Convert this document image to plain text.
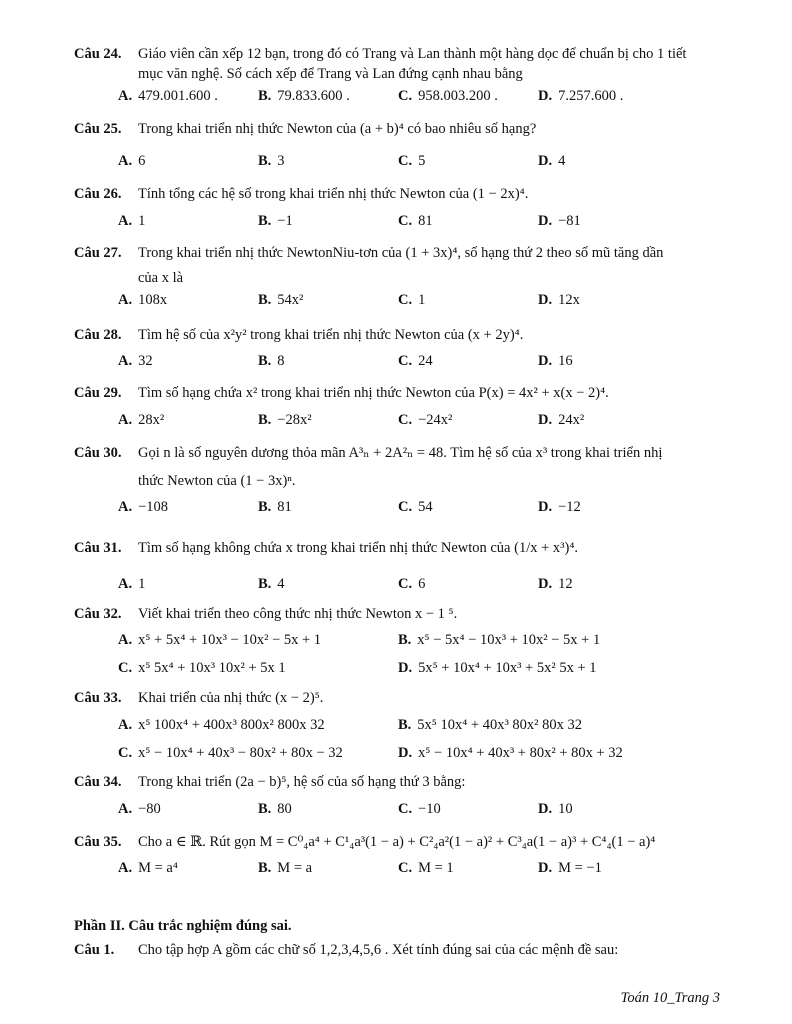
Câu 24. Giáo viên cần xếp 12 bạn, trong đó có Trang và Lan thành một hàng dọc để chuẩn bị cho 1 tiết
mục văn nghệ. Số cách xếp để Trang và Lan đứng cạnh nhau bằng
A. 479.001.600 .	B. 79.833.600 .	C. 958.003.200 .	D. 7.257.600 .
Câu 25. Trong khai triển nhị thức Newton của (a + b)⁴ có bao nhiêu số hạng?
A. 6	B. 3	C. 5	D. 4
Câu 26. Tính tổng các hệ số trong khai triển nhị thức Newton của (1 − 2x)⁴.
A. 1	B. −1	C. 81	D. −81
Câu 27. Trong khai triển nhị thức NewtonNiu-tơn của (1 + 3x)⁴, số hạng thứ 2 theo số mũ tăng dần
của x là
A. 108x	B. 54x²	C. 1	D. 12x
Câu 28. Tìm hệ số của x²y² trong khai triển nhị thức Newton của (x + 2y)⁴.
A. 32	B. 8	C. 24	D. 16
Câu 29. Tìm số hạng chứa x² trong khai triển nhị thức Newton của P(x) = 4x² + x(x − 2)⁴.
A. 28x²	B. −28x²	C. −24x²	D. 24x²
Câu 30. Gọi n là số nguyên dương thỏa mãn A³ₙ + 2A²ₙ = 48. Tìm hệ số của x³ trong khai triển nhị
thức Newton của (1 − 3x)ⁿ.
A. −108	B. 81	C. 54	D. −12
Câu 31. Tìm số hạng không chứa x trong khai triển nhị thức Newton của (1/x + x³)⁴.
A. 1	B. 4	C. 6	D. 12
Câu 32. Viết khai triển theo công thức nhị thức Newton x − 1 ⁵.
A. x⁵ + 5x⁴ + 10x³ − 10x² − 5x + 1	B. x⁵ − 5x⁴ − 10x³ + 10x² − 5x + 1
C. x⁵ 5x⁴ + 10x³ 10x² + 5x 1	D. 5x⁵ + 10x⁴ + 10x³ + 5x² 5x + 1
Câu 33. Khai triển của nhị thức (x − 2)⁵.
A. x⁵ 100x⁴ + 400x³ 800x² 800x 32	B. 5x⁵ 10x⁴ + 40x³ 80x² 80x 32
C. x⁵ − 10x⁴ + 40x³ − 80x² + 80x − 32	D. x⁵ − 10x⁴ + 40x³ + 80x² + 80x + 32
Câu 34. Trong khai triển (2a − b)⁵, hệ số của số hạng thứ 3 bằng:
A. −80	B. 80	C. −10	D. 10
Câu 35. Cho a ∈ ℝ. Rút gọn M = C⁰₄a⁴ + C¹₄a³(1 − a) + C²₄a²(1 − a)² + C³₄a(1 − a)³ + C⁴₄(1 − a)⁴
A. M = a⁴	B. M = a	C. M = 1	D. M = −1
Phần II. Câu trắc nghiệm đúng sai.
Câu 1. Cho tập hợp A gồm các chữ số 1,2,3,4,5,6 . Xét tính đúng sai của các mệnh đề sau:
Toán 10_Trang 3
